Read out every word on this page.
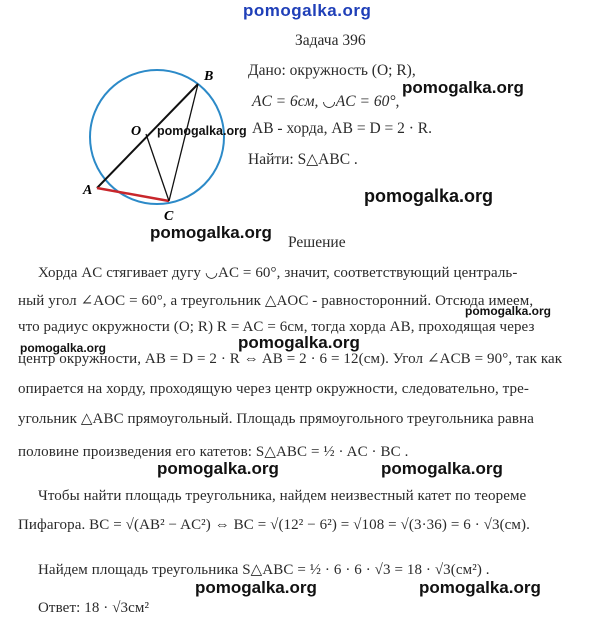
pomogalka.org
A
B
C
O pomogalka.org
Задача 396
Дано: окружность (O; R),
AC = 6см, ◡AC = 60°,
AB - хорда, AB = D = 2 · R.
Найти: S△ABC .
pomogalka.org
pomogalka.org
pomogalka.org
Решение
Хорда AC стягивает дугу ◡AC = 60°, значит, соответствующий централь-
ный угол ∠AOC = 60°, а треугольник △AOC - равносторонний. Отсюда имеем,
pomogalka.org
что радиус окружности (O; R) R = AC = 6см, тогда хорда AB, проходящая через
pomogalka.org
центр окружности, AB = D = 2 · R ⇔ AB = 2 · 6 = 12(см). Угол ∠ACB = 90°, так как
pomogalka.org
опирается на хорду, проходящую через центр окружности, следовательно, тре-
угольник △ABC прямоугольный. Площадь прямоугольного треугольника равна
половине произведения его катетов: S△ABC = ½ · AC · BC .
pomogalka.org	pomogalka.org
Чтобы найти площадь треугольника, найдем неизвестный катет по теореме
Пифагора. BC = √(AB² − AC²) ⇔ BC = √(12² − 6²) = √108 = √(3·36) = 6 · √3(см).
Найдем площадь треугольника S△ABC = ½ · 6 · 6 · √3 = 18 · √3(см²) .
pomogalka.org	pomogalka.org
Ответ: 18 · √3см²
